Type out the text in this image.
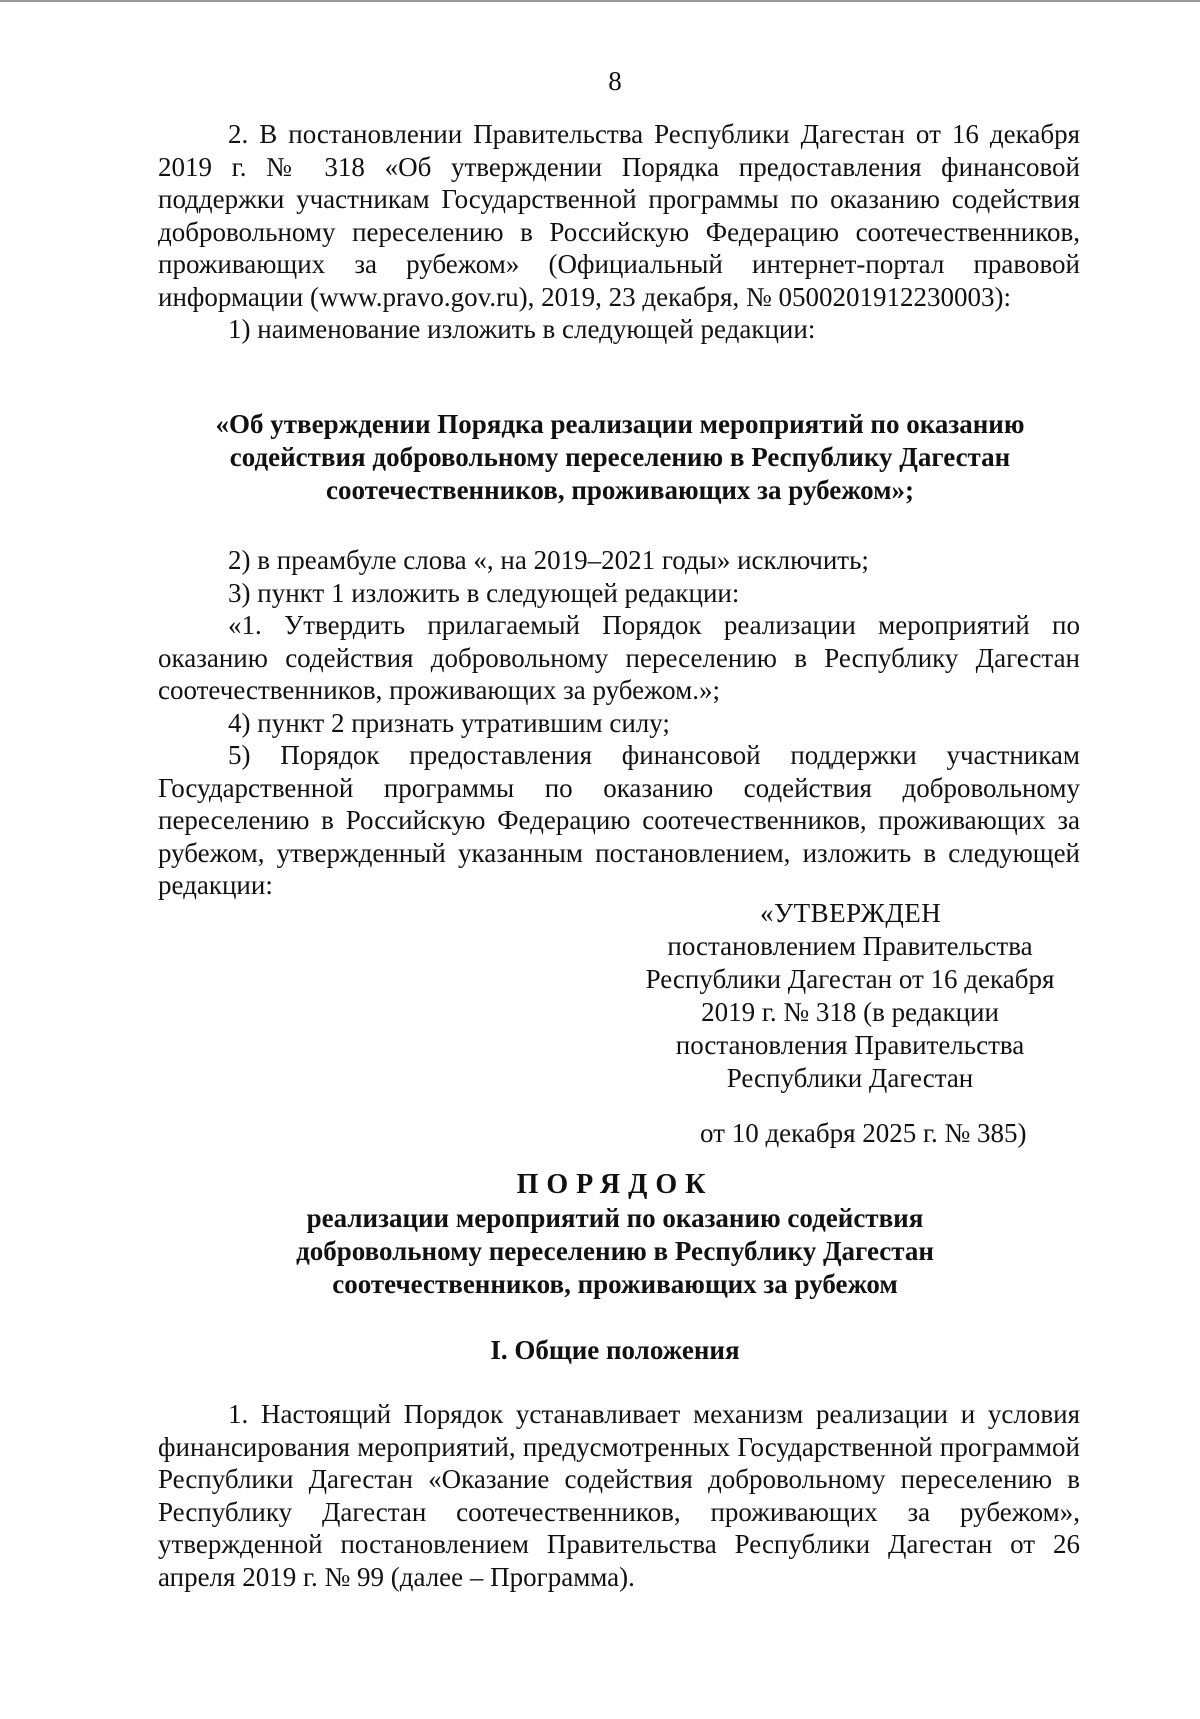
8

2. В постановлении Правительства Республики Дагестан от 16 декабря 2019 г. № 318 «Об утверждении Порядка предоставления финансовой поддержки участникам Государственной программы по оказанию содействия добровольному переселению в Российскую Федерацию соотечественников, проживающих за рубежом» (Официальный интернет-портал правовой информации (www.pravo.gov.ru), 2019, 23 декабря, № 0500201912230003):

1) наименование изложить в следующей редакции:

«Об утверждении Порядка реализации мероприятий по оказанию содействия добровольному переселению в Республику Дагестан соотечественников, проживающих за рубежом»;

2) в преамбуле слова «, на 2019–2021 годы» исключить;

3) пункт 1 изложить в следующей редакции:

«1. Утвердить прилагаемый Порядок реализации мероприятий по оказанию содействия добровольному переселению в Республику Дагестан соотечественников, проживающих за рубежом.»;

4) пункт 2 признать утратившим силу;

5) Порядок предоставления финансовой поддержки участникам Государственной программы по оказанию содействия добровольному переселению в Российскую Федерацию соотечественников, проживающих за рубежом, утвержденный указанным постановлением, изложить в следующей редакции:

«УТВЕРЖДЕН
постановлением Правительства Республики Дагестан от 16 декабря 2019 г. № 318 (в редакции постановления Правительства Республики Дагестан
от 10 декабря 2025 г. № 385)
ПОРЯДОК
реализации мероприятий по оказанию содействия добровольному переселению в Республику Дагестан соотечественников, проживающих за рубежом
I. Общие положения

1. Настоящий Порядок устанавливает механизм реализации и условия финансирования мероприятий, предусмотренных Государственной программой Республики Дагестан «Оказание содействия добровольному переселению в Республику Дагестан соотечественников, проживающих за рубежом», утвержденной постановлением Правительства Республики Дагестан от 26 апреля 2019 г. № 99 (далее – Программа).
